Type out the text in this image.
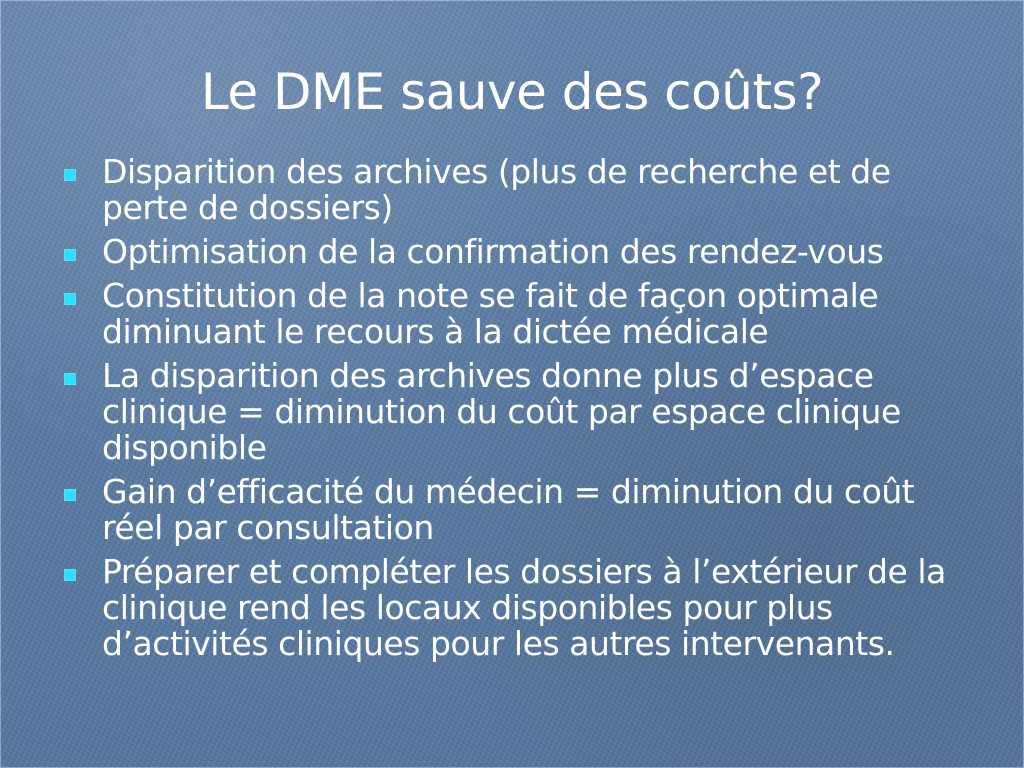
Le DME sauve des coûts?
Disparition des archives (plus de recherche et de perte de dossiers)
Optimisation de la confirmation des rendez-vous
Constitution de la note se fait de façon optimale diminuant le recours à la dictée médicale
La disparition des archives donne plus d’espace clinique = diminution du coût par espace clinique disponible
Gain d’efficacité du médecin = diminution du coût réel par consultation
Préparer et compléter les dossiers à l’extérieur de la clinique rend les locaux disponibles pour plus d’activités cliniques pour les autres intervenants.
